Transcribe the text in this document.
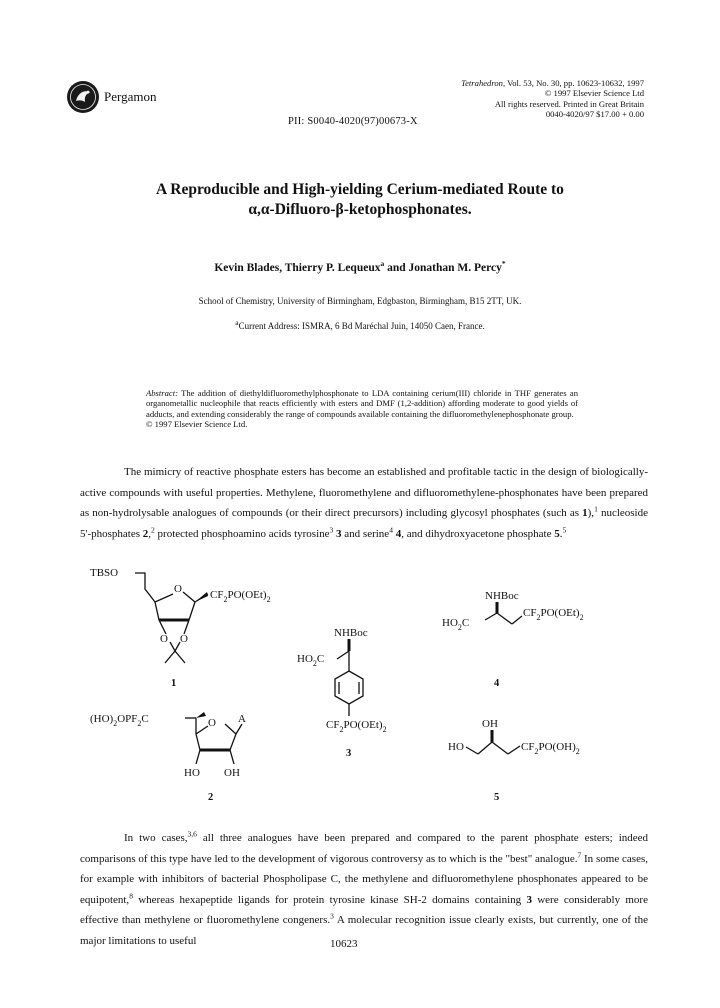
Pergamon
Tetrahedron, Vol. 53, No. 30, pp. 10623-10632, 1997
© 1997 Elsevier Science Ltd
All rights reserved. Printed in Great Britain
0040-4020/97 $17.00 + 0.00
PII: S0040-4020(97)00673-X
A Reproducible and High-yielding Cerium-mediated Route to
α,α-Difluoro-β-ketophosphonates.
Kevin Blades, Thierry P. Lequeux$^a$ and Jonathan M. Percy*
School of Chemistry, University of Birmingham, Edgbaston, Birmingham, B15 2TT, UK.
$^a$Current Address: ISMRA, 6 Bd Maréchal Juin, 14050 Caen, France.
Abstract: The addition of diethyldifluoromethylphosphonate to LDA containing cerium(III) chloride in THF generates an organometallic nucleophile that reacts efficiently with esters and DMF (1,2-addition) affording moderate to good yields of adducts, and extending considerably the range of compounds available containing the difluoromethylenephosphonate group.
© 1997 Elsevier Science Ltd.

The mimicry of reactive phosphate esters has become an established and profitable tactic in the design of biologically-active compounds with useful properties. Methylene, fluoromethylene and difluoromethylene-phosphonates have been prepared as non-hydrolysable analogues of compounds (or their direct precursors) including glycosyl phosphates (such as 1),$^1$ nucleoside 5'-phosphates 2,$^2$ protected phosphoamino acids tyrosine$^3$ 3 and serine$^4$ 4, and dihydroxyacetone phosphate 5.$^5$

TBSO
O	$CF_2PO(OEt)_2$
O O
1
$(HO)_2OPF_2C$	O A
HO OH
2
NHBoc
$HO_2C$
$CF_2PO(OEt)_2$
3
NHBoc
$HO_2C$
$CF_2PO(OEt)_2$
4
OH
HO	$CF_2PO(OH)_2$
5

In two cases,$^{3,6}$ all three analogues have been prepared and compared to the parent phosphate esters; indeed comparisons of this type have led to the development of vigorous controversy as to which is the "best" analogue.$^7$ In some cases, for example with inhibitors of bacterial Phospholipase C, the methylene and difluoromethylene phosphonates appeared to be equipotent,$^8$ whereas hexapeptide ligands for protein tyrosine kinase SH-2 domains containing 3 were considerably more effective than methylene or fluoromethylene congeners.$^3$ A molecular recognition issue clearly exists, but currently, one of the major limitations to useful	10623
